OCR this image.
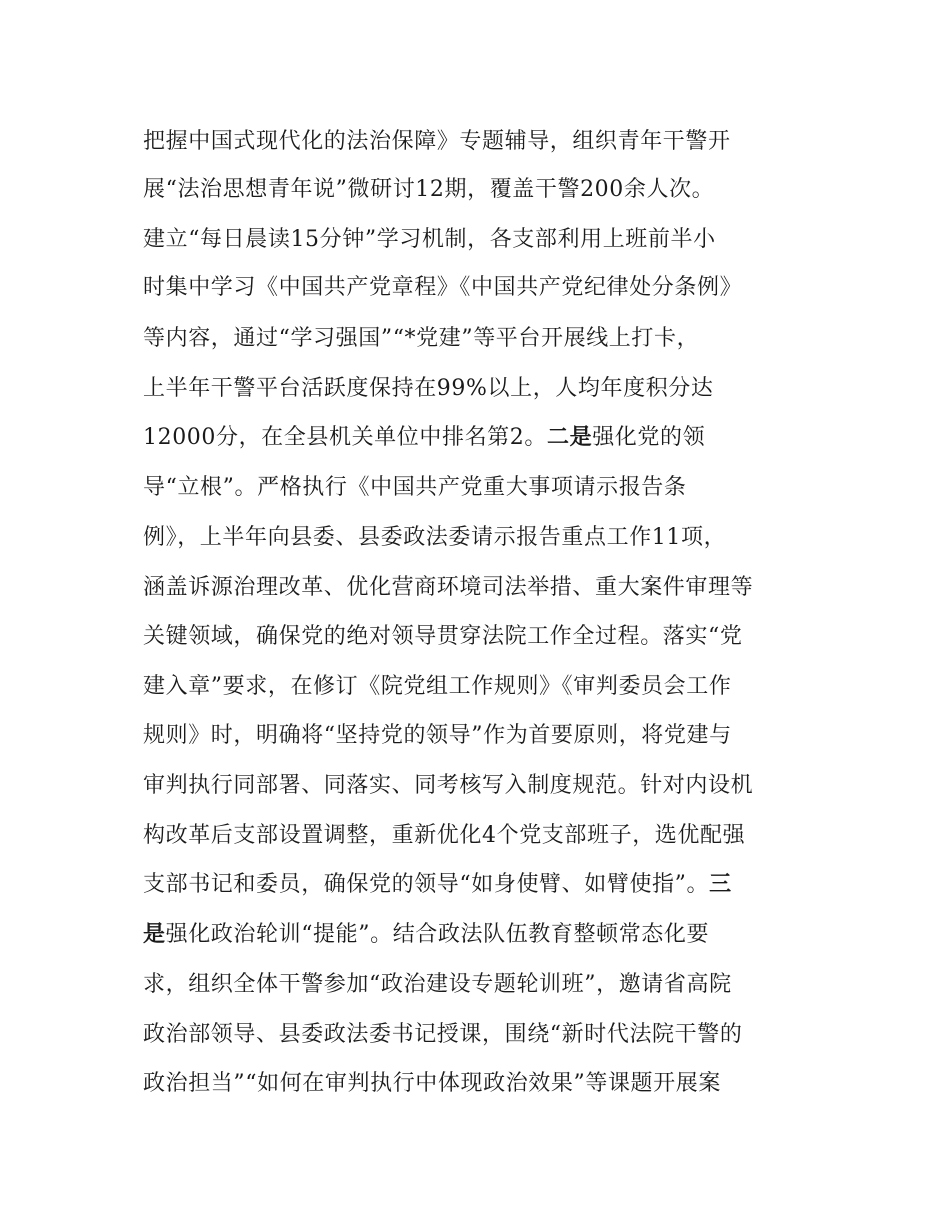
把握中国式现代化的法治保障》专题辅导，组织青年干警开
展“法治思想青年说”微研讨12期，覆盖干警200余人次。
建立“每日晨读15分钟”学习机制，各支部利用上班前半小
时集中学习《中国共产党章程》《中国共产党纪律处分条例》
等内容，通过“学习强国”“*党建”等平台开展线上打卡，
上半年干警平台活跃度保持在99%以上，人均年度积分达
12000分，在全县机关单位中排名第2。二是强化党的领
导“立根”。严格执行《中国共产党重大事项请示报告条
例》，上半年向县委、县委政法委请示报告重点工作11项，
涵盖诉源治理改革、优化营商环境司法举措、重大案件审理等
关键领域，确保党的绝对领导贯穿法院工作全过程。落实“党
建入章”要求，在修订《院党组工作规则》《审判委员会工作
规则》时，明确将“坚持党的领导”作为首要原则，将党建与
审判执行同部署、同落实、同考核写入制度规范。针对内设机
构改革后支部设置调整，重新优化4个党支部班子，选优配强
支部书记和委员，确保党的领导“如身使臂、如臂使指”。三
是强化政治轮训“提能”。结合政法队伍教育整顿常态化要
求，组织全体干警参加“政治建设专题轮训班”，邀请省高院
政治部领导、县委政法委书记授课，围绕“新时代法院干警的
政治担当”“如何在审判执行中体现政治效果”等课题开展案
